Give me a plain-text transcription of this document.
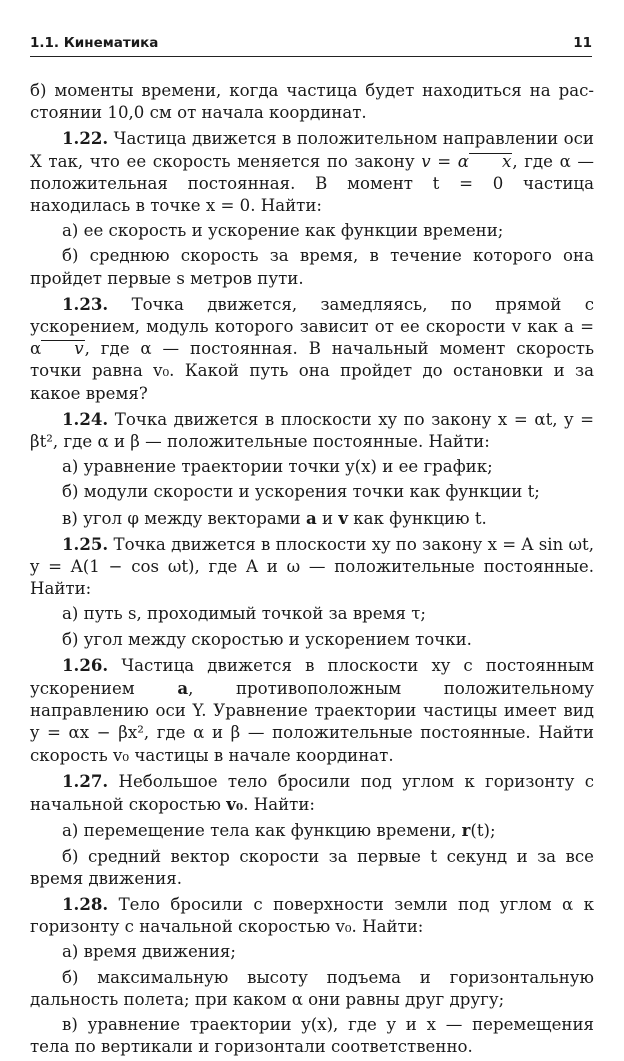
1.1. Кинематика	11

б) моменты времени, когда частица будет находиться на рас- стоянии 10,0 см от начала координат.

1.22. Частица движется в положительном направлении оси X так, что ее скорость меняется по закону v = α x, где α — положительная постоянная. В момент t = 0 частица находилась в точке x = 0. Найти:

а) ее скорость и ускорение как функции времени;

б) среднюю скорость за время, в течение которого она пройдет первые s метров пути.

1.23. Точка движется, замедляясь, по прямой с ускорением, модуль которого зависит от ее скорости v как a = α v, где α — постоянная. В начальный момент скорость точки равна v₀. Какой путь она пройдет до остановки и за какое время?

1.24. Точка движется в плоскости xy по закону x = αt, y = βt², где α и β — положительные постоянные. Найти:

а) уравнение траектории точки y(x) и ее график;

б) модули скорости и ускорения точки как функции t;

в) угол φ между векторами a и v как функцию t.

1.25. Точка движется в плоскости xy по закону x = A sin ωt, y = A(1 − cos ωt), где A и ω — положительные постоянные. Найти:

а) путь s, проходимый точкой за время τ;

б) угол между скоростью и ускорением точки.

1.26. Частица движется в плоскости xy с постоянным ускорением a, противоположным положительному направлению оси Y. Уравнение траектории частицы имеет вид y = αx − βx², где α и β — положительные постоянные. Найти скорость v₀ частицы в начале координат.

1.27. Небольшое тело бросили под углом к горизонту с начальной скоростью v₀. Найти:

а) перемещение тела как функцию времени, r(t);

б) средний вектор скорости за первые t секунд и за все время движения.

1.28. Тело бросили с поверхности земли под углом α к горизонту с начальной скоростью v₀. Найти:

а) время движения;

б) максимальную высоту подъема и горизонтальную дальность полета; при каком α они равны друг другу;

в) уравнение траектории y(x), где y и x — перемещения тела по вертикали и горизонтали соответственно.
